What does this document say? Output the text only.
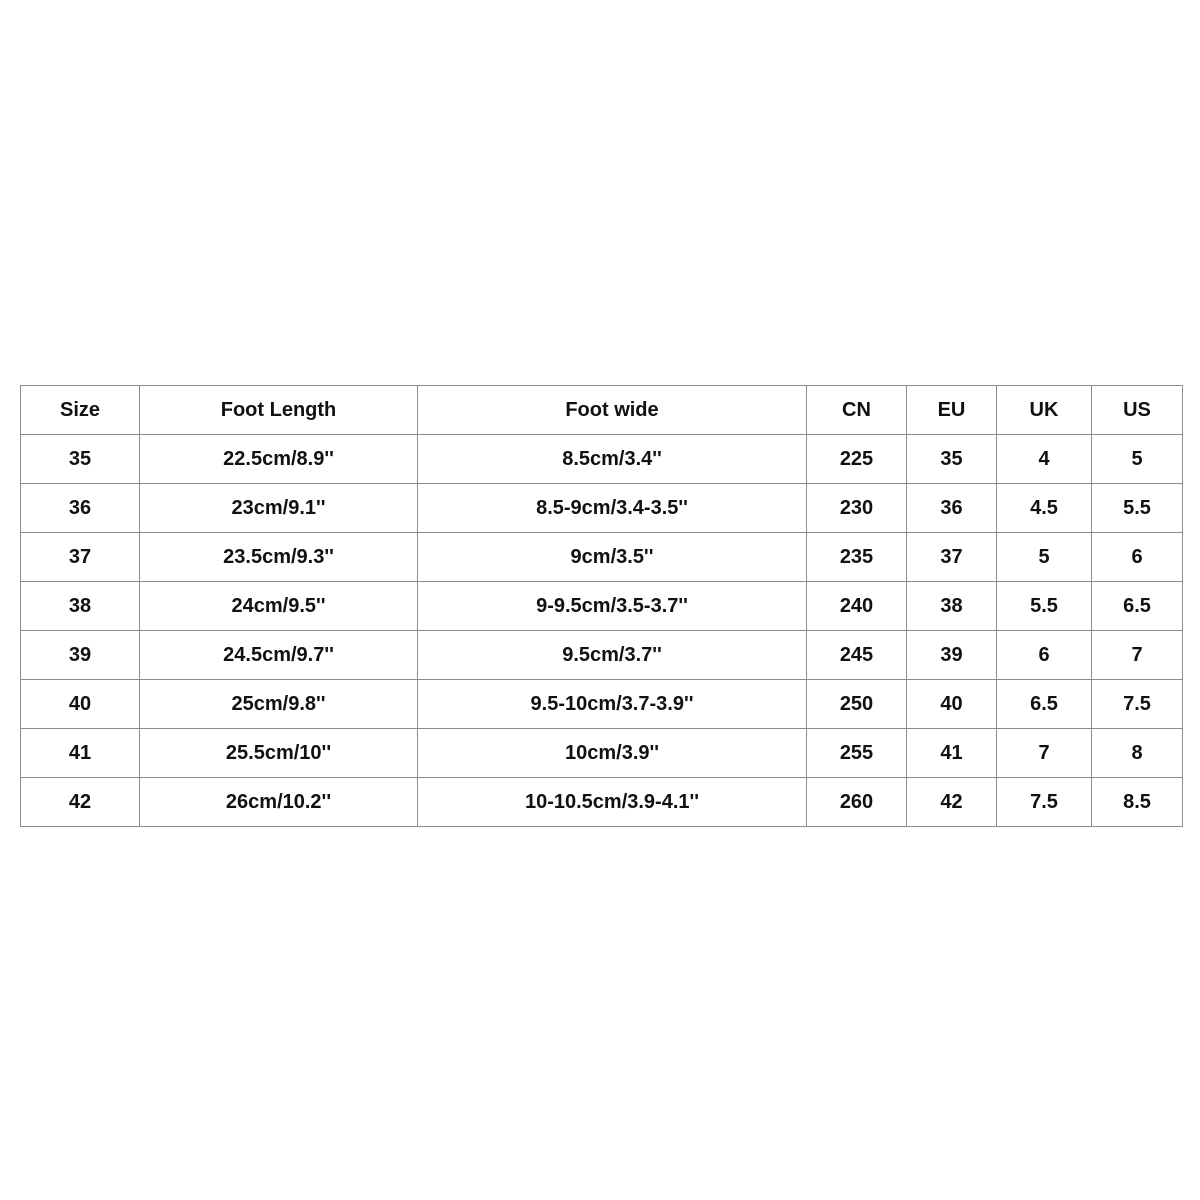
Size	Foot Length	Foot wide	CN	EU	UK	US
35	22.5cm/8.9''	8.5cm/3.4''	225	35	4	5
36	23cm/9.1''	8.5-9cm/3.4-3.5''	230	36	4.5	5.5
37	23.5cm/9.3''	9cm/3.5''	235	37	5	6
38	24cm/9.5''	9-9.5cm/3.5-3.7''	240	38	5.5	6.5
39	24.5cm/9.7''	9.5cm/3.7''	245	39	6	7
40	25cm/9.8''	9.5-10cm/3.7-3.9''	250	40	6.5	7.5
41	25.5cm/10''	10cm/3.9''	255	41	7	8
42	26cm/10.2''	10-10.5cm/3.9-4.1''	260	42	7.5	8.5
